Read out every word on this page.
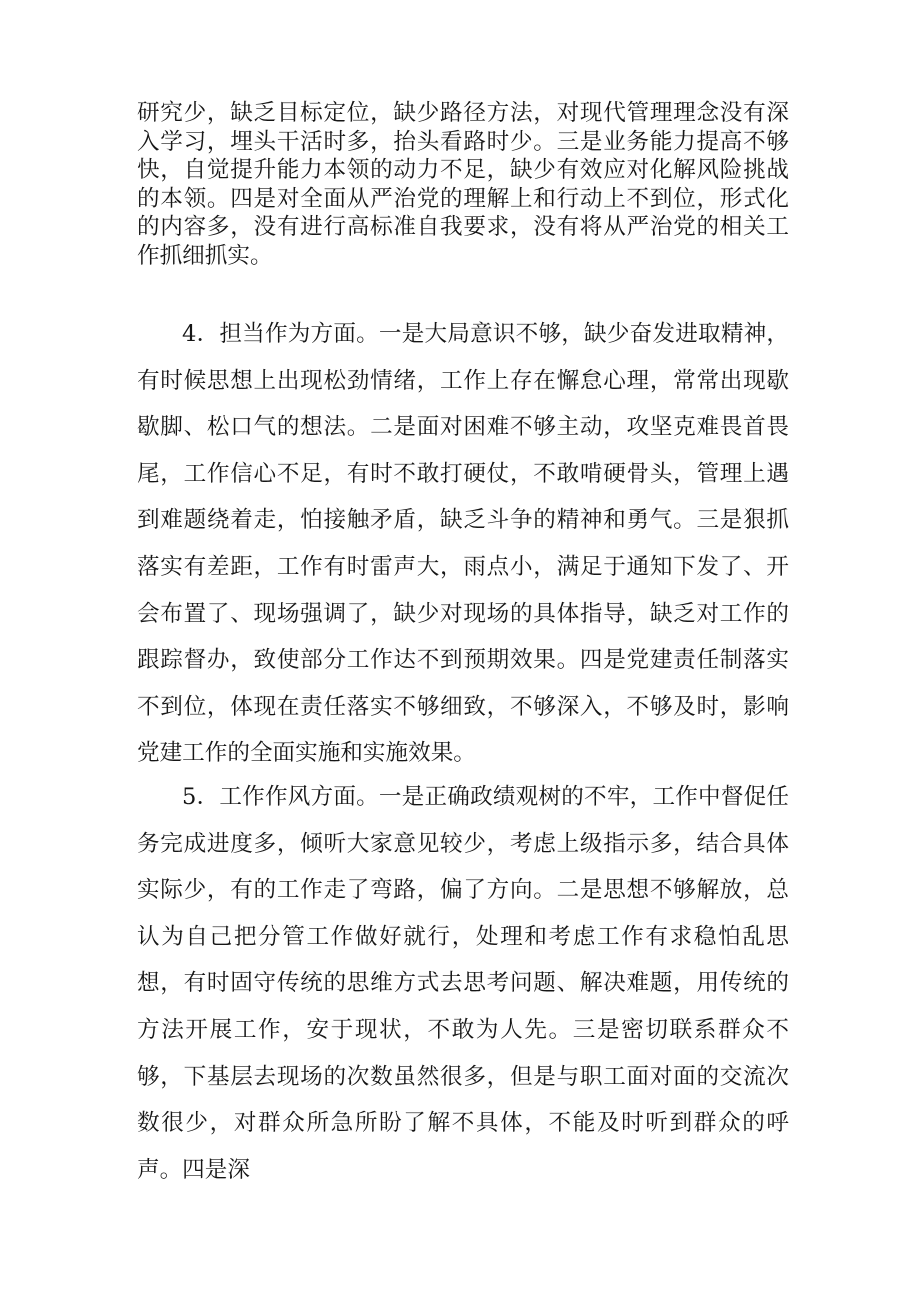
研究少，缺乏目标定位，缺少路径方法，对现代管理理念没有深入学习，埋头干活时多，抬头看路时少。三是业务能力提高不够快，自觉提升能力本领的动力不足，缺少有效应对化解风险挑战的本领。四是对全面从严治党的理解上和行动上不到位，形式化的内容多，没有进行高标准自我要求，没有将从严治党的相关工作抓细抓实。

4．担当作为方面。一是大局意识不够，缺少奋发进取精神，有时候思想上出现松劲情绪，工作上存在懈怠心理，常常出现歇歇脚、松口气的想法。二是面对困难不够主动，攻坚克难畏首畏尾，工作信心不足，有时不敢打硬仗，不敢啃硬骨头，管理上遇到难题绕着走，怕接触矛盾，缺乏斗争的精神和勇气。三是狠抓落实有差距，工作有时雷声大，雨点小，满足于通知下发了、开会布置了、现场强调了，缺少对现场的具体指导，缺乏对工作的跟踪督办，致使部分工作达不到预期效果。四是党建责任制落实不到位，体现在责任落实不够细致，不够深入，不够及时，影响党建工作的全面实施和实施效果。

5．工作作风方面。一是正确政绩观树的不牢，工作中督促任务完成进度多，倾听大家意见较少，考虑上级指示多，结合具体实际少，有的工作走了弯路，偏了方向。二是思想不够解放，总认为自己把分管工作做好就行，处理和考虑工作有求稳怕乱思想，有时固守传统的思维方式去思考问题、解决难题，用传统的方法开展工作，安于现状，不敢为人先。三是密切联系群众不够，下基层去现场的次数虽然很多，但是与职工面对面的交流次数很少，对群众所急所盼了解不具体，不能及时听到群众的呼声。四是深
